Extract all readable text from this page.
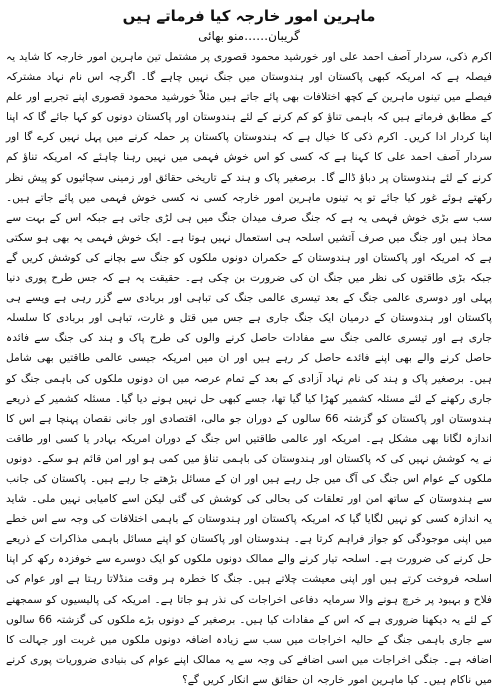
ماہرین امور خارجہ کیا فرماتے ہیں
گریبان……منو بھائی

اکرم ذکی، سردار آصف احمد علی اور خورشید محمود قصوری پر مشتمل تین ماہرین امور خارجہ کا شاید یہ فیصلہ ہے کہ امریکہ کبھی پاکستان اور ہندوستان میں جنگ نہیں چاہے گا۔ اگرچہ اس نام نہاد مشترکہ فیصلے میں تینوں ماہرین کے کچھ اختلافات بھی پائے جاتے ہیں مثلاً خورشید محمود قصوری اپنے تجربے اور علم کے مطابق فرماتے ہیں کہ باہمی تناؤ کو کم کرنے کے لئے ہندوستان اور پاکستان دونوں کو کہا جائے گا کہ اپنا اپنا کردار ادا کریں۔ اکرم ذکی کا خیال ہے کہ ہندوستان پاکستان پر حملہ کرنے میں پہل نہیں کرے گا اور سردار آصف احمد علی کا کہنا ہے کہ کسی کو اس خوش فہمی میں نہیں رہنا چاہئے کہ امریکہ تناؤ کم کرنے کے لئے ہندوستان پر دباؤ ڈالے گا۔ برصغیر پاک و ہند کے تاریخی حقائق اور زمینی سچائیوں کو پیش نظر رکھتے ہوئے غور کیا جائے تو یہ تینوں ماہرین امور خارجہ کسی نہ کسی خوش فہمی میں پائے جاتے ہیں۔ سب سے بڑی خوش فہمی یہ ہے کہ جنگ صرف میدان جنگ میں ہی لڑی جاتی ہے جبکہ اس کے بہت سے محاذ ہیں اور جنگ میں صرف آتشیں اسلحہ ہی استعمال نہیں ہوتا ہے۔ ایک خوش فہمی یہ بھی ہو سکتی ہے کہ امریکہ اور پاکستان اور ہندوستان کے حکمران دونوں ملکوں کو جنگ سے بچانے کی کوشش کریں گے جبکہ بڑی طاقتوں کی نظر میں جنگ ان کی ضرورت بن چکی ہے۔ حقیقت یہ ہے کہ جس طرح پوری دنیا پہلی اور دوسری عالمی جنگ کے بعد تیسری عالمی جنگ کی تباہی اور بربادی سے گزر رہی ہے ویسے ہی پاکستان اور ہندوستان کے درمیان ایک جنگ جاری ہے جس میں قتل و غارت، تباہی اور بربادی کا سلسلہ جاری ہے اور تیسری عالمی جنگ سے مفادات حاصل کرنے والوں کی طرح پاک و ہند کی جنگ سے فائدہ حاصل کرنے والے بھی اپنے فائدے حاصل کر رہے ہیں اور ان میں امریکہ جیسی عالمی طاقتیں بھی شامل ہیں۔ برصغیر پاک و ہند کی نام نہاد آزادی کے بعد کے تمام عرصہ میں ان دونوں ملکوں کی باہمی جنگ کو جاری رکھنے کے لئے مسئلہ کشمیر کھڑا کیا گیا تھا، جسے کبھی حل نہیں ہونے دیا گیا۔ مسئلہ کشمیر کے ذریعے ہندوستان اور پاکستان کو گزشتہ 66 سالوں کے دوران جو مالی، اقتصادی اور جانی نقصان پہنچا ہے اس کا اندازہ لگانا بھی مشکل ہے۔ امریکہ اور عالمی طاقتیں اس جنگ کے دوران امریکہ بہادر یا کسی اور طاقت نے یہ کوشش نہیں کی کہ پاکستان اور ہندوستان کی باہمی تناؤ میں کمی ہو اور امن قائم ہو سکے۔ دونوں ملکوں کے عوام اس جنگ کی آگ میں جل رہے ہیں اور ان کے مسائل بڑھتے جا رہے ہیں۔ پاکستان کی جانب سے ہندوستان کے ساتھ امن اور تعلقات کی بحالی کی کوشش کی گئی لیکن اسے کامیابی نہیں ملی۔ شاید یہ اندازہ کسی کو نہیں لگایا گیا کہ امریکہ پاکستان اور ہندوستان کے باہمی اختلافات کی وجہ سے اس خطے میں اپنی موجودگی کو جواز فراہم کرتا ہے۔ ہندوستان اور پاکستان کو اپنے مسائل باہمی مذاکرات کے ذریعے حل کرنے کی ضرورت ہے۔ اسلحہ تیار کرنے والے ممالک دونوں ملکوں کو ایک دوسرے سے خوفزدہ رکھ کر اپنا اسلحہ فروخت کرتے ہیں اور اپنی معیشت چلاتے ہیں۔ جنگ کا خطرہ ہر وقت منڈلاتا رہتا ہے اور عوام کی فلاح و بہبود پر خرچ ہونے والا سرمایہ دفاعی اخراجات کی نذر ہو جاتا ہے۔ امریکہ کی پالیسیوں کو سمجھنے کے لئے یہ دیکھنا ضروری ہے کہ اس کے مفادات کیا ہیں۔ برصغیر کے دونوں بڑے ملکوں کی گزشتہ 66 سالوں سے جاری باہمی جنگ کے حالیہ اخراجات میں سب سے زیادہ اضافہ دونوں ملکوں میں غربت اور جہالت کا اضافہ ہے۔ جنگی اخراجات میں اسی اضافے کی وجہ سے یہ ممالک اپنے عوام کی بنیادی ضروریات پوری کرنے میں ناکام ہیں۔ کیا ماہرین امور خارجہ ان حقائق سے انکار کریں گے؟
